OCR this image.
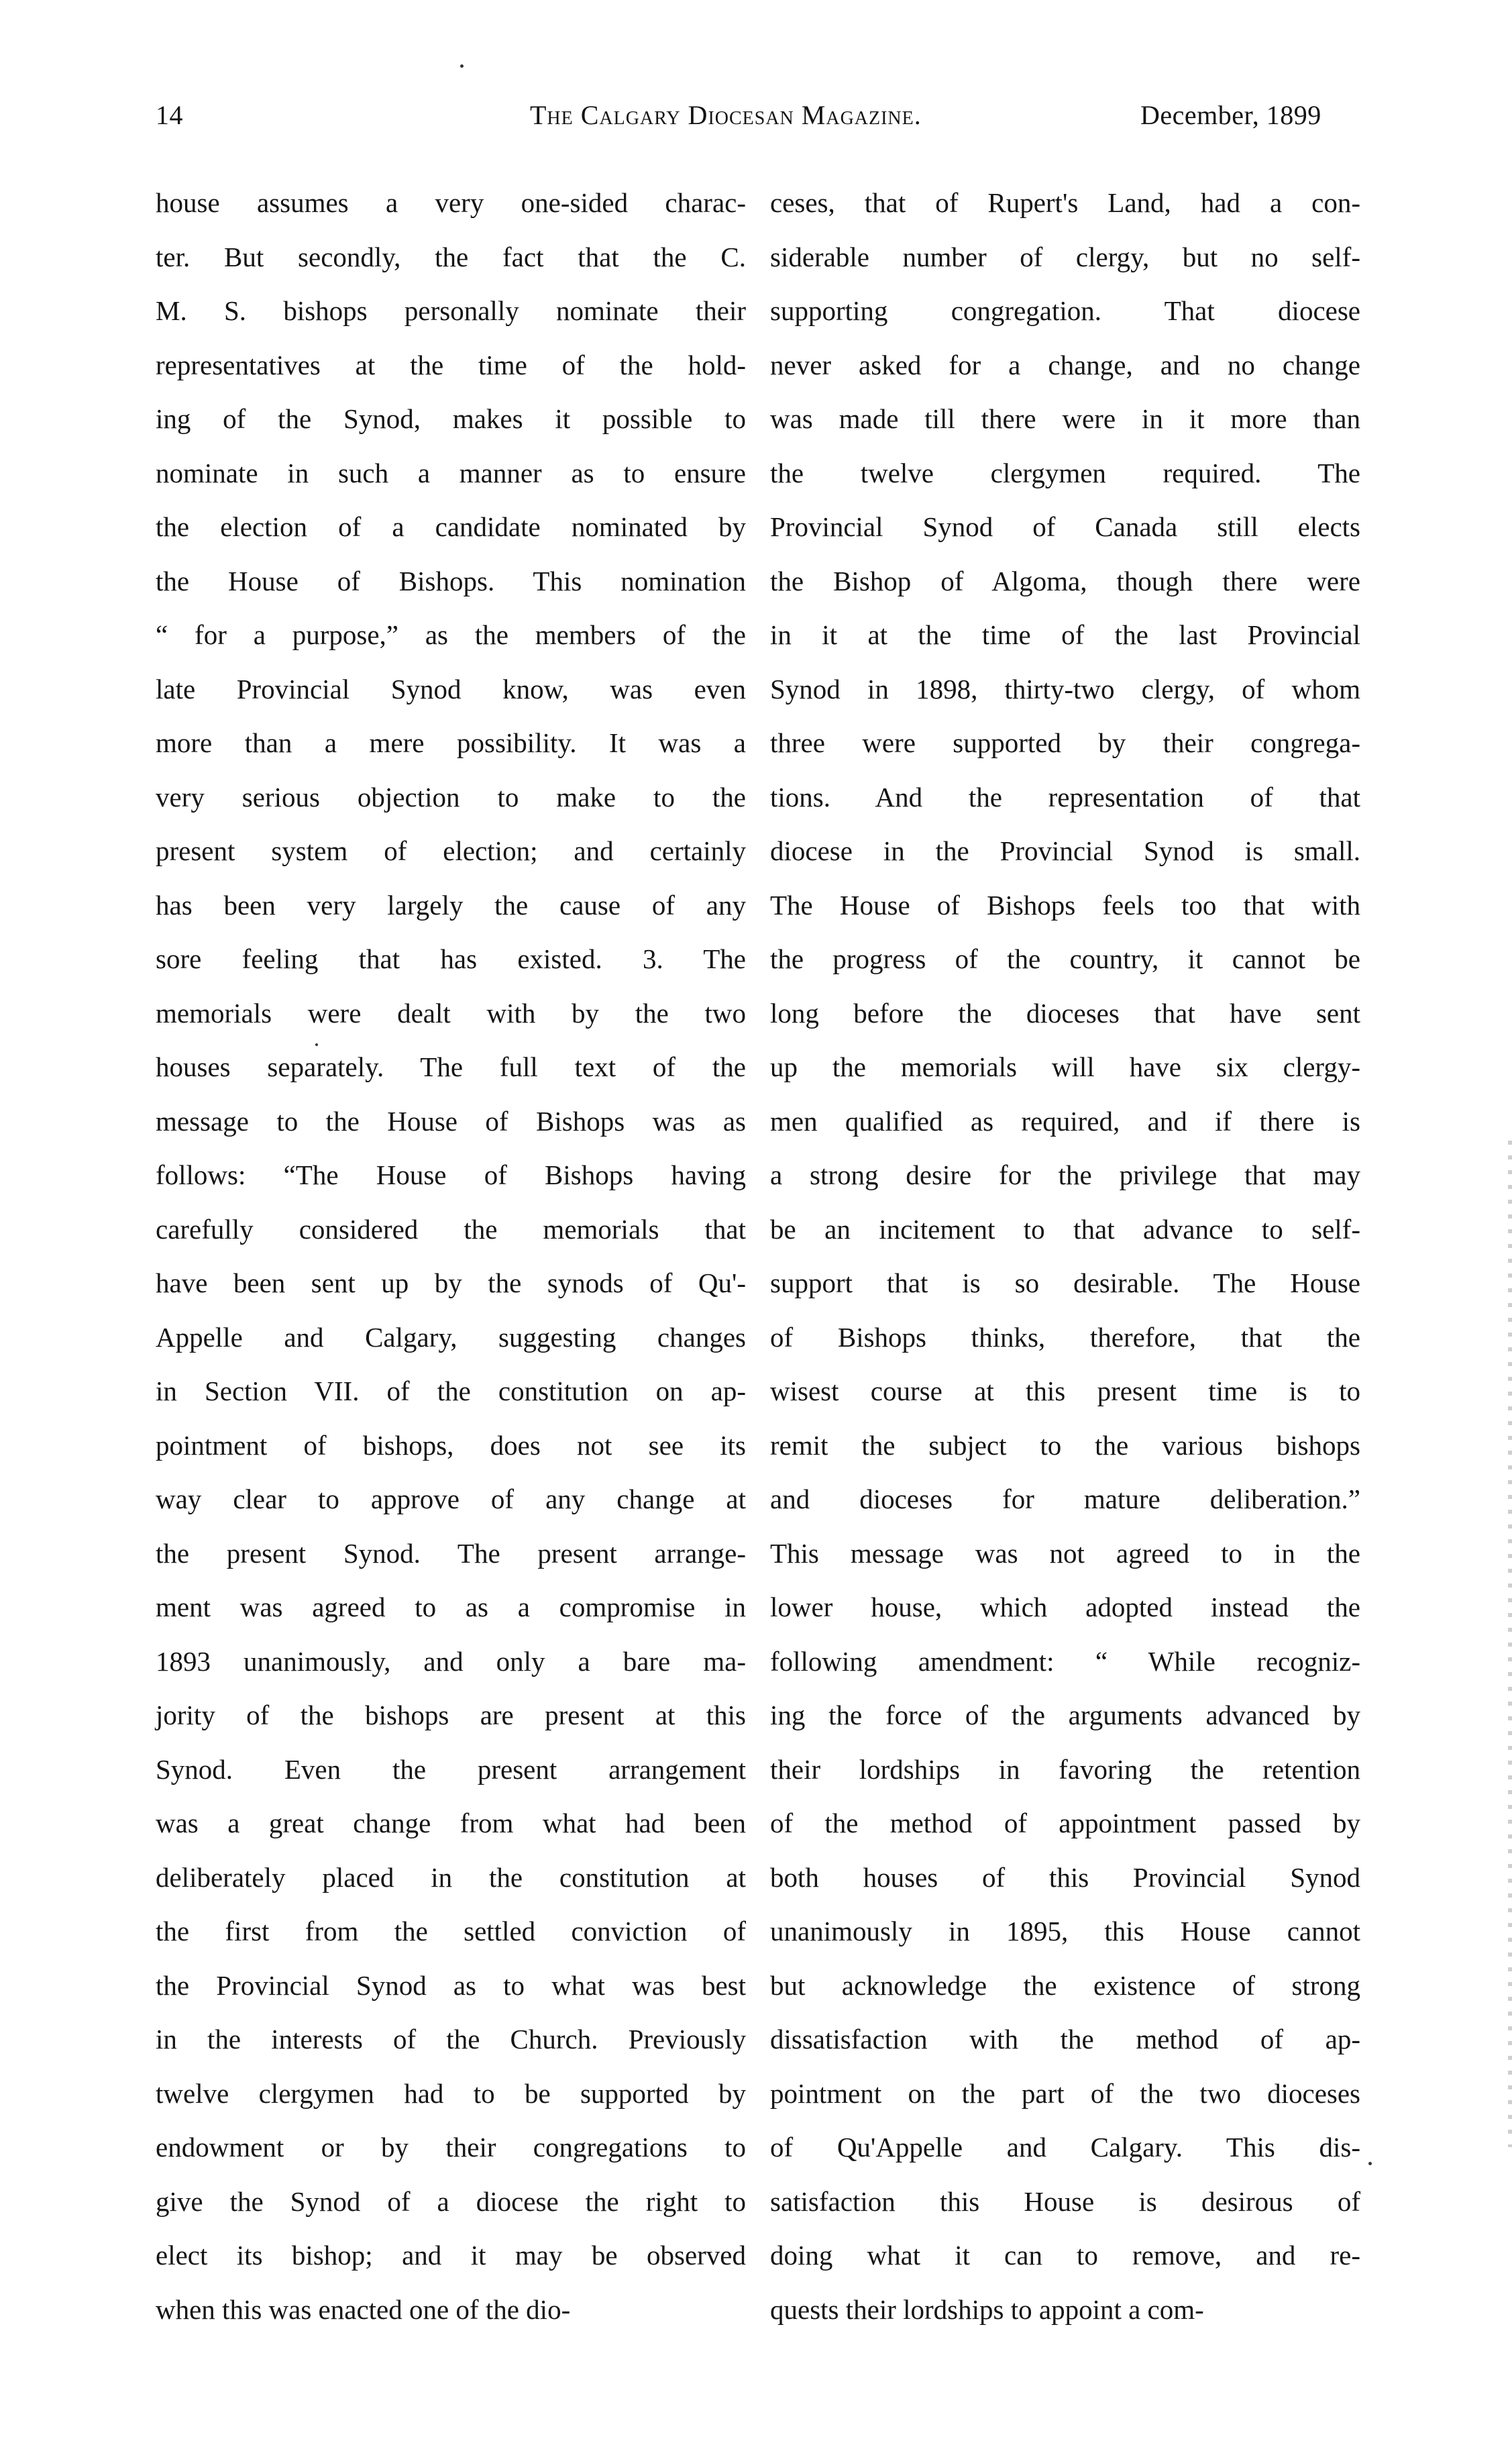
14	The Calgary Diocesan Magazine.	December, 1899
house assumes a very one-sided charac-
ter. But secondly, the fact that the C.
M. S. bishops personally nominate their
representatives at the time of the hold-
ing of the Synod, makes it possible to
nominate in such a manner as to ensure
the election of a candidate nominated by
the House of Bishops. This nomination
“ for a purpose,” as the members of the
late Provincial Synod know, was even
more than a mere possibility. It was a
very serious objection to make to the
present system of election; and certainly
has been very largely the cause of any
sore feeling that has existed. 3. The
memorials were dealt with by the two
houses separately. The full text of the
message to the House of Bishops was as
follows: “The House of Bishops having
carefully considered the memorials that
have been sent up by the synods of Qu'-
Appelle and Calgary, suggesting changes
in Section VII. of the constitution on ap-
pointment of bishops, does not see its
way clear to approve of any change at
the present Synod. The present arrange-
ment was agreed to as a compromise in
1893 unanimously, and only a bare ma-
jority of the bishops are present at this
Synod. Even the present arrangement
was a great change from what had been
deliberately placed in the constitution at
the first from the settled conviction of
the Provincial Synod as to what was best
in the interests of the Church. Previously
twelve clergymen had to be supported by
endowment or by their congregations to
give the Synod of a diocese the right to
elect its bishop; and it may be observed
when this was enacted one of the dio-
ceses, that of Rupert's Land, had a con-
siderable number of clergy, but no self-
supporting congregation. That diocese
never asked for a change, and no change
was made till there were in it more than
the twelve clergymen required. The
Provincial Synod of Canada still elects
the Bishop of Algoma, though there were
in it at the time of the last Provincial
Synod in 1898, thirty-two clergy, of whom
three were supported by their congrega-
tions. And the representation of that
diocese in the Provincial Synod is small.
The House of Bishops feels too that with
the progress of the country, it cannot be
long before the dioceses that have sent
up the memorials will have six clergy-
men qualified as required, and if there is
a strong desire for the privilege that may
be an incitement to that advance to self-
support that is so desirable. The House
of Bishops thinks, therefore, that the
wisest course at this present time is to
remit the subject to the various bishops
and dioceses for mature deliberation.”
This message was not agreed to in the
lower house, which adopted instead the
following amendment: “ While recogniz-
ing the force of the arguments advanced by
their lordships in favoring the retention
of the method of appointment passed by
both houses of this Provincial Synod
unanimously in 1895, this House cannot
but acknowledge the existence of strong
dissatisfaction with the method of ap-
pointment on the part of the two dioceses
of Qu'Appelle and Calgary. This dis-
satisfaction this House is desirous of
doing what it can to remove, and re-
quests their lordships to appoint a com-
